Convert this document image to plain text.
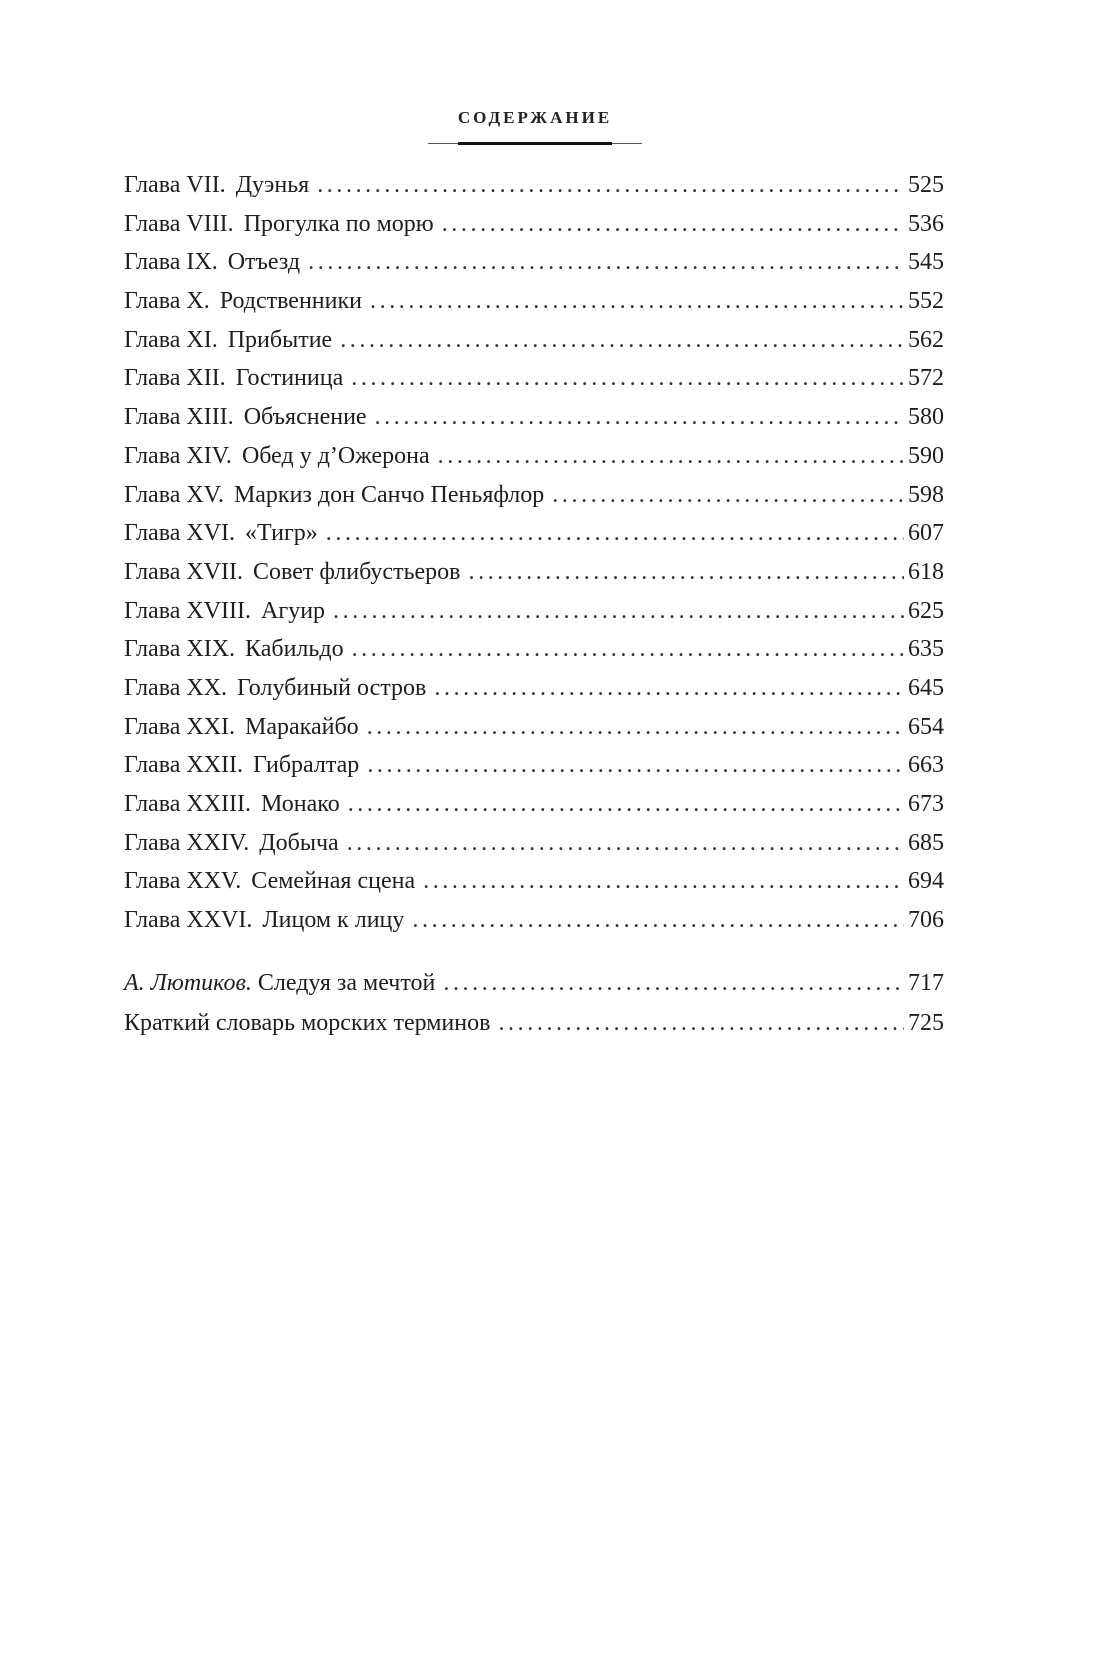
СОДЕРЖАНИЕ
Глава VII. Дуэнья .....	525
Глава VIII. Прогулка по морю .....	536
Глава IX. Отъезд .....	545
Глава X. Родственники .....	552
Глава XI. Прибытие .....	562
Глава XII. Гостиница .....	572
Глава XIII. Объяснение .....	580
Глава XIV. Обед у д’Ожерона .....	590
Глава XV. Маркиз дон Санчо Пеньяфлор .....	598
Глава XVI. «Тигр» .....	607
Глава XVII. Совет флибустьеров .....	618
Глава XVIII. Агуир .....	625
Глава XIX. Кабильдо .....	635
Глава XX. Голубиный остров .....	645
Глава XXI. Маракайбо .....	654
Глава XXII. Гибралтар .....	663
Глава XXIII. Монако .....	673
Глава XXIV. Добыча .....	685
Глава XXV. Семейная сцена .....	694
Глава XXVI. Лицом к лицу .....	706
А. Лютиков. Следуя за мечтой .....	717
Краткий словарь морских терминов .....	725
